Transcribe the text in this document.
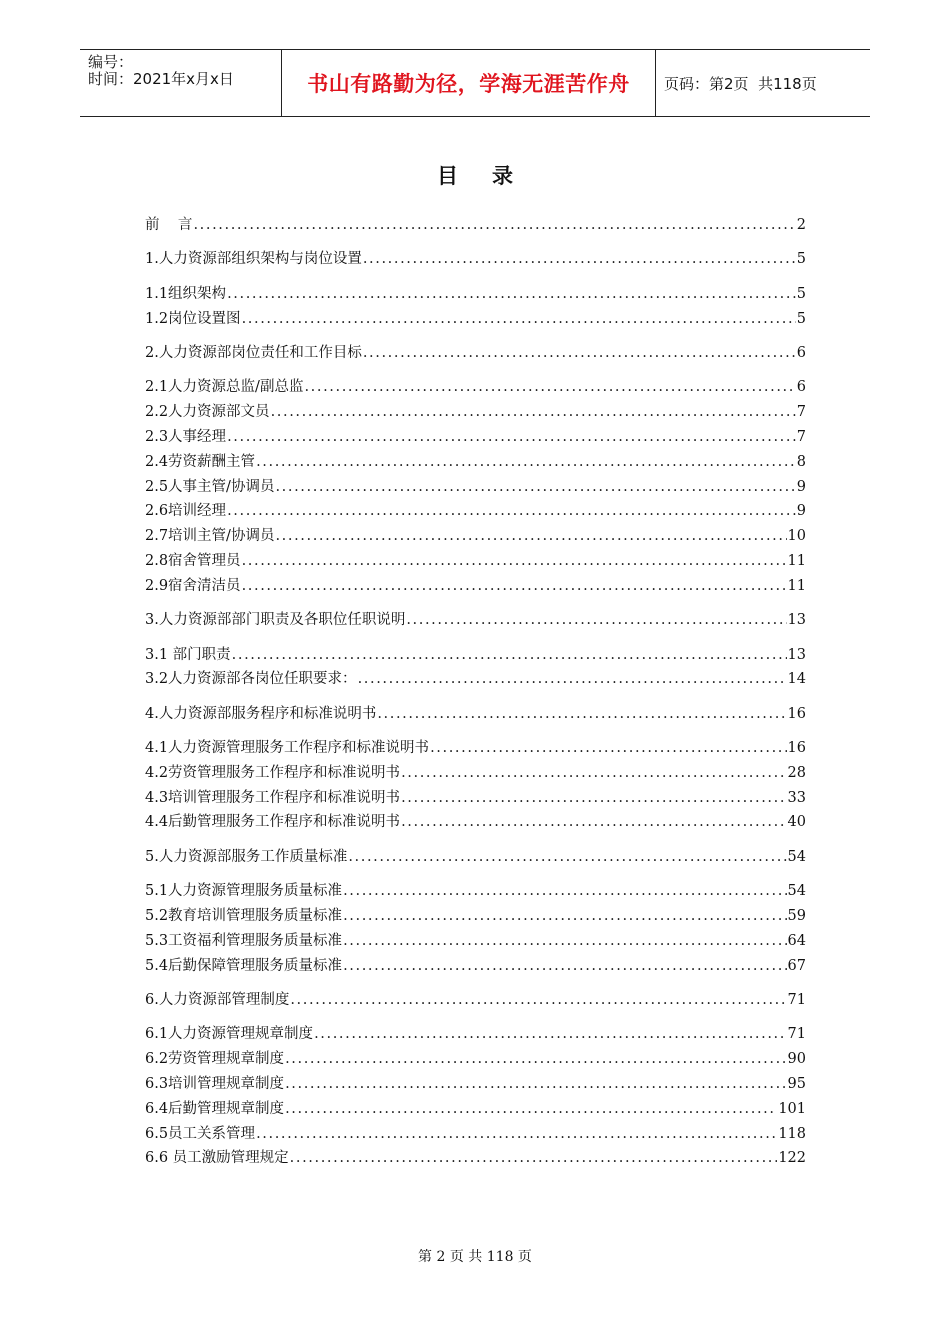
编号：
时间：2021年x月x日	书山有路勤为径，学海无涯苦作舟	页码：第2页  共118页
目 录
前    言 .....	2
1.人力资源部组织架构与岗位设置 .....	5
1.1组织架构 .....	5
1.2岗位设置图 .....	5
2.人力资源部岗位责任和工作目标 .....	6
2.1人力资源总监/副总监 .....	6
2.2人力资源部文员 .....	7
2.3人事经理 .....	7
2.4劳资薪酬主管 .....	8
2.5人事主管/协调员 .....	9
2.6培训经理 .....	9
2.7培训主管/协调员 .....	10
2.8宿舍管理员 .....	11
2.9宿舍清洁员 .....	11
3.人力资源部部门职责及各职位任职说明 .....	13
3.1 部门职责 .....	13
3.2人力资源部各岗位任职要求： .....	14
4.人力资源部服务程序和标准说明书 .....	16
4.1人力资源管理服务工作程序和标准说明书 .....	16
4.2劳资管理服务工作程序和标准说明书 .....	28
4.3培训管理服务工作程序和标准说明书 .....	33
4.4后勤管理服务工作程序和标准说明书 .....	40
5.人力资源部服务工作质量标准 .....	54
5.1人力资源管理服务质量标准 .....	54
5.2教育培训管理服务质量标准 .....	59
5.3工资福利管理服务质量标准 .....	64
5.4后勤保障管理服务质量标准 .....	67
6.人力资源部管理制度 .....	71
6.1人力资源管理规章制度 .....	71
6.2劳资管理规章制度 .....	90
6.3培训管理规章制度 .....	95
6.4后勤管理规章制度 .....	101
6.5员工关系管理 .....	118
6.6 员工激励管理规定 .....	122
第 2 页 共 118 页
